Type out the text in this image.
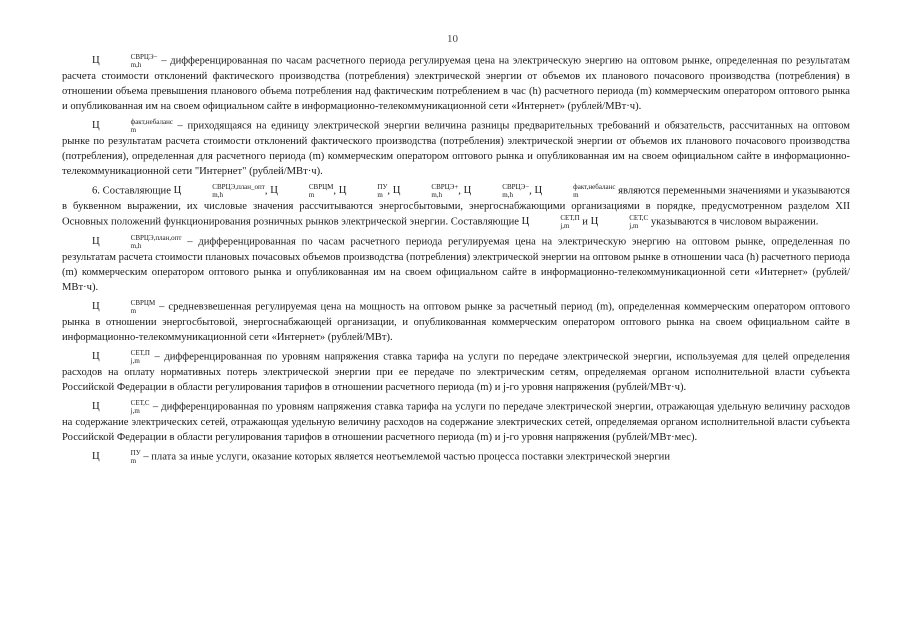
10

Ц	СВРЦЭ−
m,h	– дифференцированная по часам расчетного периода регулируемая цена на электрическую энергию на оптовом рынке, определенная по результатам расчета стоимости отклонений фактического производства (потребления) электрической энергии от объемов их планового почасового производства (потребления) в отношении объема превышения планового объема потребления над фактическим потреблением в час (h) расчетного периода (m) коммерческим оператором оптового рынка и опубликованная им на своем официальном сайте в информационно-телекоммуникационной сети «Интернет» (рублей/МВт·ч).

Ц	факт,небаланс
m	– приходящаяся на единицу электрической энергии величина разницы предварительных требований и обязательств, рассчитанных на оптовом рынке по результатам расчета стоимости отклонений фактического производства (потребления) электрической энергии от объемов их планового почасового производства (потребления), определенная для расчетного периода (m) коммерческим оператором оптового рынка и опубликованная им на своем официальном сайте в информационно-телекоммуникационной сети "Интернет" (рублей/МВт·ч).

6. Составляющие Ц	СВРЦЭ,план_опт
m,h	, Ц	СВРЦМ
m	, Ц	ПУ
m , Ц	СВРЦЭ+
m,h	, Ц	СВРЦЭ−
m,h	, Ц	факт,небаланс
m	являются переменными значениями и указываются в буквенном выражении, их числовые значения рассчитываются энергосбытовыми, энергоснабжающими организациями в порядке, предусмотренном разделом XII Основных положений функционирования розничных рынков электрической энергии. Составляющие Ц	СЕТ,П
j,m и Ц	СЕТ,С
j,m указываются в числовом выражении.

Ц	СВРЦЭ,план,опт
m,h	– дифференцированная по часам расчетного периода регулируемая цена на электрическую энергию на оптовом рынке, определенная по результатам расчета стоимости плановых почасовых объемов производства (потребления) электрической энергии на оптовом рынке в отношении часа (h) расчетного периода (m) коммерческим оператором оптового рынка и опубликованная им на своем официальном сайте в информационно-телекоммуникационной сети «Интернет» (рублей/МВт·ч).

Ц	СВРЦМ
m	– средневзвешенная регулируемая цена на мощность на оптовом рынке за расчетный период (m), определенная коммерческим оператором оптового рынка в отношении энергосбытовой, энергоснабжающей организации, и опубликованная коммерческим оператором оптового рынка на своем официальном сайте в информационно-телекоммуникационной сети «Интернет» (рублей/МВт).

Ц	СЕТ,П
j,m – дифференцированная по уровням напряжения ставка тарифа на услуги по передаче электрической энергии, используемая для целей определения расходов на оплату нормативных потерь электрической энергии при ее передаче по электрическим сетям, определяемая органом исполнительной власти субъекта Российской Федерации в области регулирования тарифов в отношении расчетного периода (m) и j-го уровня напряжения (рублей/МВт·ч).

Ц	СЕТ,С
j,m – дифференцированная по уровням напряжения ставка тарифа на услуги по передаче электрической энергии, отражающая удельную величину расходов на содержание электрических сетей, отражающая удельную величину расходов на содержание электрических сетей, определяемая органом исполнительной власти субъекта Российской Федерации в области регулирования тарифов в отношении расчетного периода (m) и j-го уровня напряжения (рублей/МВт·мес).

Ц	ПУ
m – плата за иные услуги, оказание которых является неотъемлемой частью процесса поставки электрической энергии
